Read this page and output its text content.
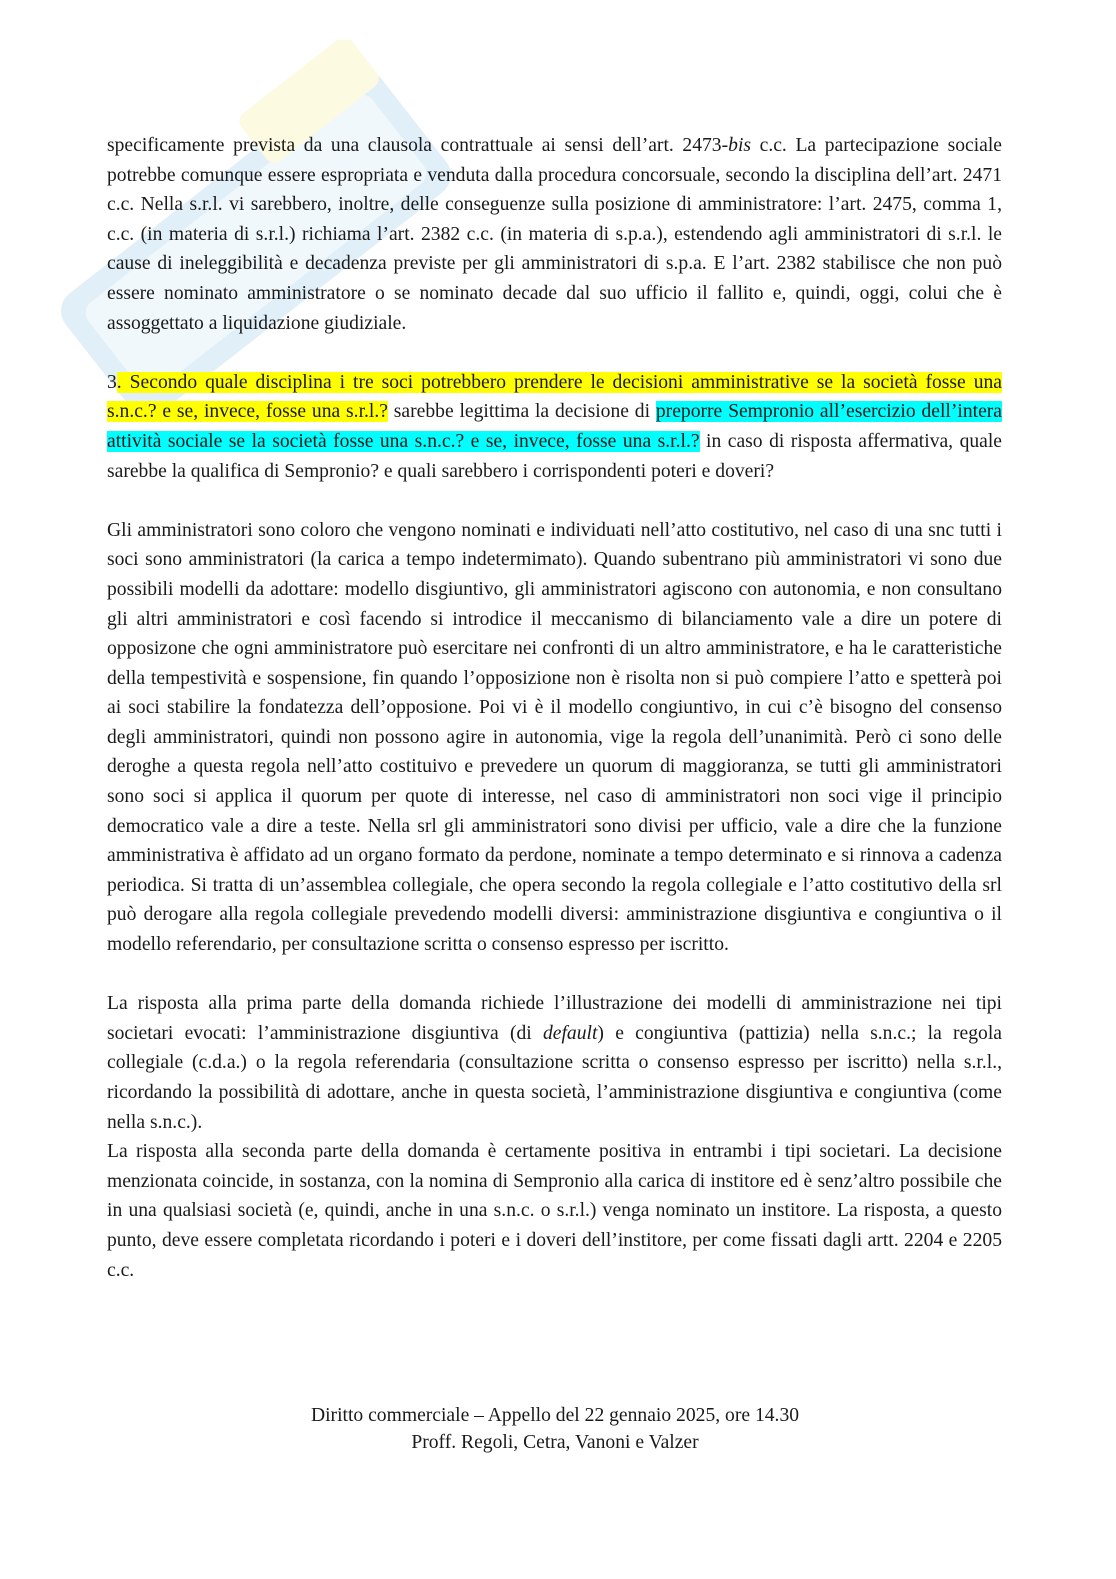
specificamente prevista da una clausola contrattuale ai sensi dell’art. 2473-bis c.c. La partecipazione sociale potrebbe comunque essere espropriata e venduta dalla procedura concorsuale, secondo la disciplina dell’art. 2471 c.c. Nella s.r.l. vi sarebbero, inoltre, delle conseguenze sulla posizione di amministratore: l’art. 2475, comma 1, c.c. (in materia di s.r.l.) richiama l’art. 2382 c.c. (in materia di s.p.a.), estendendo agli amministratori di s.r.l. le cause di ineleggibilità e decadenza previste per gli amministratori di s.p.a. E l’art. 2382 stabilisce che non può essere nominato amministratore o se nominato decade dal suo ufficio il fallito e, quindi, oggi, colui che è assoggettato a liquidazione giudiziale.

3. Secondo quale disciplina i tre soci potrebbero prendere le decisioni amministrative se la società fosse una s.n.c.? e se, invece, fosse una s.r.l.? sarebbe legittima la decisione di preporre Sempronio all’esercizio dell’intera attività sociale se la società fosse una s.n.c.? e se, invece, fosse una s.r.l.? in caso di risposta affermativa, quale sarebbe la qualifica di Sempronio? e quali sarebbero i corrispondenti poteri e doveri?

Gli amministratori sono coloro che vengono nominati e individuati nell’atto costitutivo, nel caso di una snc tutti i soci sono amministratori (la carica a tempo indetermimato). Quando subentrano più amministratori vi sono due possibili modelli da adottare: modello disgiuntivo, gli amministratori agiscono con autonomia, e non consultano gli altri amministratori e così facendo si introdice il meccanismo di bilanciamento vale a dire un potere di opposizone che ogni amministratore può esercitare nei confronti di un altro amministratore, e ha le caratteristiche della tempestività e sospensione, fin quando l’opposizione non è risolta non si può compiere l’atto e spetterà poi ai soci stabilire la fondatezza dell’opposione. Poi vi è il modello congiuntivo, in cui c’è bisogno del consenso degli amministratori, quindi non possono agire in autonomia, vige la regola dell’unanimità. Però ci sono delle deroghe a questa regola nell’atto costituivo e prevedere un quorum di maggioranza, se tutti gli amministratori sono soci si applica il quorum per quote di interesse, nel caso di amministratori non soci vige il principio democratico vale a dire a teste. Nella srl gli amministratori sono divisi per ufficio, vale a dire che la funzione amministrativa è affidato ad un organo formato da perdone, nominate a tempo determinato e si rinnova a cadenza periodica. Si tratta di un’assemblea collegiale, che opera secondo la regola collegiale e l’atto costitutivo della srl può derogare alla regola collegiale prevedendo modelli diversi: amministrazione disgiuntiva e congiuntiva o il modello referendario, per consultazione scritta o consenso espresso per iscritto.

La risposta alla prima parte della domanda richiede l’illustrazione dei modelli di amministrazione nei tipi societari evocati: l’amministrazione disgiuntiva (di default) e congiuntiva (pattizia) nella s.n.c.; la regola collegiale (c.d.a.) o la regola referendaria (consultazione scritta o consenso espresso per iscritto) nella s.r.l., ricordando la possibilità di adottare, anche in questa società, l’amministrazione disgiuntiva e congiuntiva (come nella s.n.c.).

La risposta alla seconda parte della domanda è certamente positiva in entrambi i tipi societari. La decisione menzionata coincide, in sostanza, con la nomina di Sempronio alla carica di institore ed è senz’altro possibile che in una qualsiasi società (e, quindi, anche in una s.n.c. o s.r.l.) venga nominato un institore. La risposta, a questo punto, deve essere completata ricordando i poteri e i doveri dell’institore, per come fissati dagli artt. 2204 e 2205 c.c.

Diritto commerciale – Appello del 22 gennaio 2025, ore 14.30
Proff. Regoli, Cetra, Vanoni e Valzer
